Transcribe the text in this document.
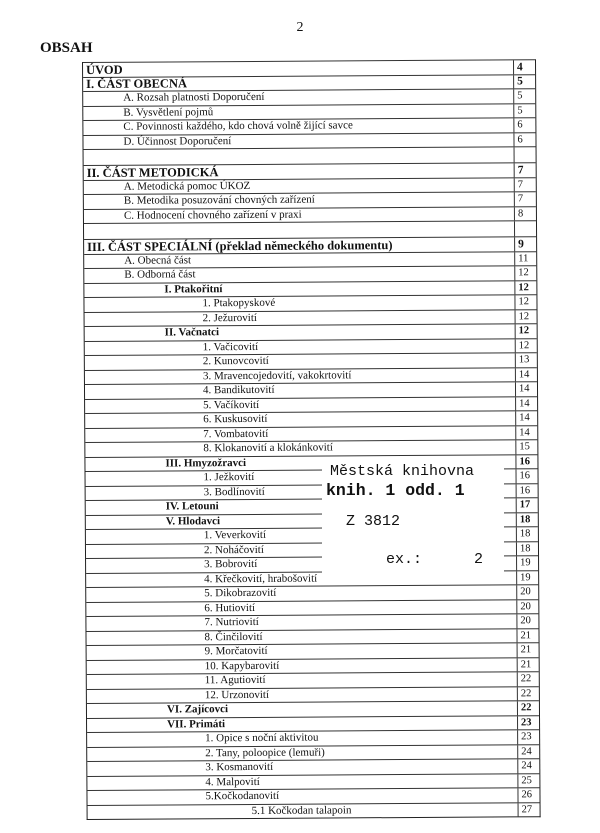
2
OBSAH
ÚVOD	4
I. ČÁST OBECNÁ	5
A. Rozsah platnosti Doporučení	5
B. Vysvětlení pojmů	5
C. Povinnosti každého, kdo chová volně žijící savce	6
D. Účinnost Doporučení	6
II. ČÁST METODICKÁ	7
A. Metodická pomoc ÚKOZ	7
B. Metodika posuzování chovných zařízení	7
C. Hodnocení chovného zařízení v praxi	8
III. ČÁST SPECIÁLNÍ (překlad německého dokumentu)	9
A. Obecná část	11
B. Odborná část	12
I. Ptakořitní	12
1. Ptakopyskové	12
2. Ježurovití	12
II. Vačnatci	12
1. Vačicovití	12
2. Kunovcovití	13
3. Mravencojedovití, vakokrtovití	14
4. Bandikutovití	14
5. Vačíkovití	14
6. Kuskusovití	14
7. Vombatovití	14
8. Klokanovití a klokánkovití	15
III. Hmyzožravci	16
1. Ježkovití	16
3. Bodlínovití	16
IV. Letouni	17
V. Hlodavci	18
1. Veverkovití	18
2. Noháčovití	18
3. Bobrovití	19
4. Křečkovití, hrabošovití	19
5. Dikobrazovití	20
6. Hutiovití	20
7. Nutriovití	20
8. Činčilovití	21
9. Morčatovití	21
10. Kapybarovití	21
11. Agutiovití	22
12. Urzonovití	22
VI. Zajícovci	22
VII. Primáti	23
1. Opice s noční aktivitou	23
2. Tany, poloopice (lemuři)	24
3. Kosmanovití	24
4. Malpovití	25
5.Kočkodanovití	26
5.1 Kočkodan talapoin	27
Městská knihovna
knih. 1 odd. 1
Z 3812
ex.:	2
